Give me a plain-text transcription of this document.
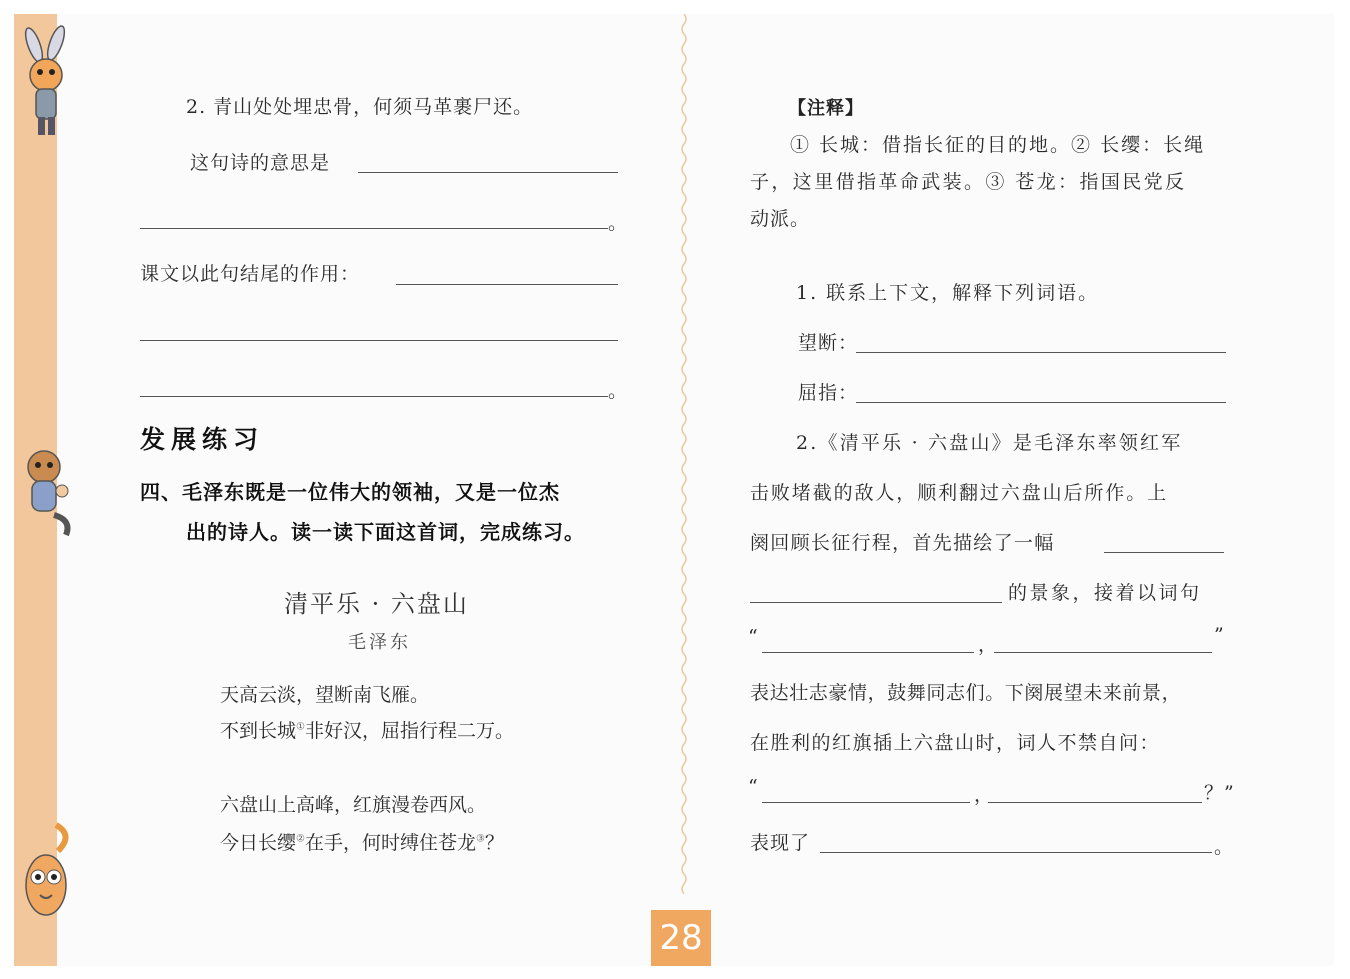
2. 青山处处埋忠骨，何须马革裹尸还。
这句诗的意思是
。
课文以此句结尾的作用：
。
发展练习
四、毛泽东既是一位伟大的领袖，又是一位杰
出的诗人。读一读下面这首词，完成练习。
清平乐 · 六盘山
毛泽东
天高云淡，望断南飞雁。
不到长城①非好汉，屈指行程二万。
六盘山上高峰，红旗漫卷西风。
今日长缨②在手，何时缚住苍龙③？
【注释】
① 长城：借指长征的目的地。② 长缨：长绳
子，这里借指革命武装。③ 苍龙：指国民党反
动派。
1. 联系上下文，解释下列词语。
望断：
屈指：
2.《清平乐 · 六盘山》是毛泽东率领红军
击败堵截的敌人，顺利翻过六盘山后所作。上
阕回顾长征行程，首先描绘了一幅
的景象，接着以词句
“	，	”
表达壮志豪情，鼓舞同志们。下阕展望未来前景，
在胜利的红旗插上六盘山时，词人不禁自问：
“	，	？”
表现了	。
28
